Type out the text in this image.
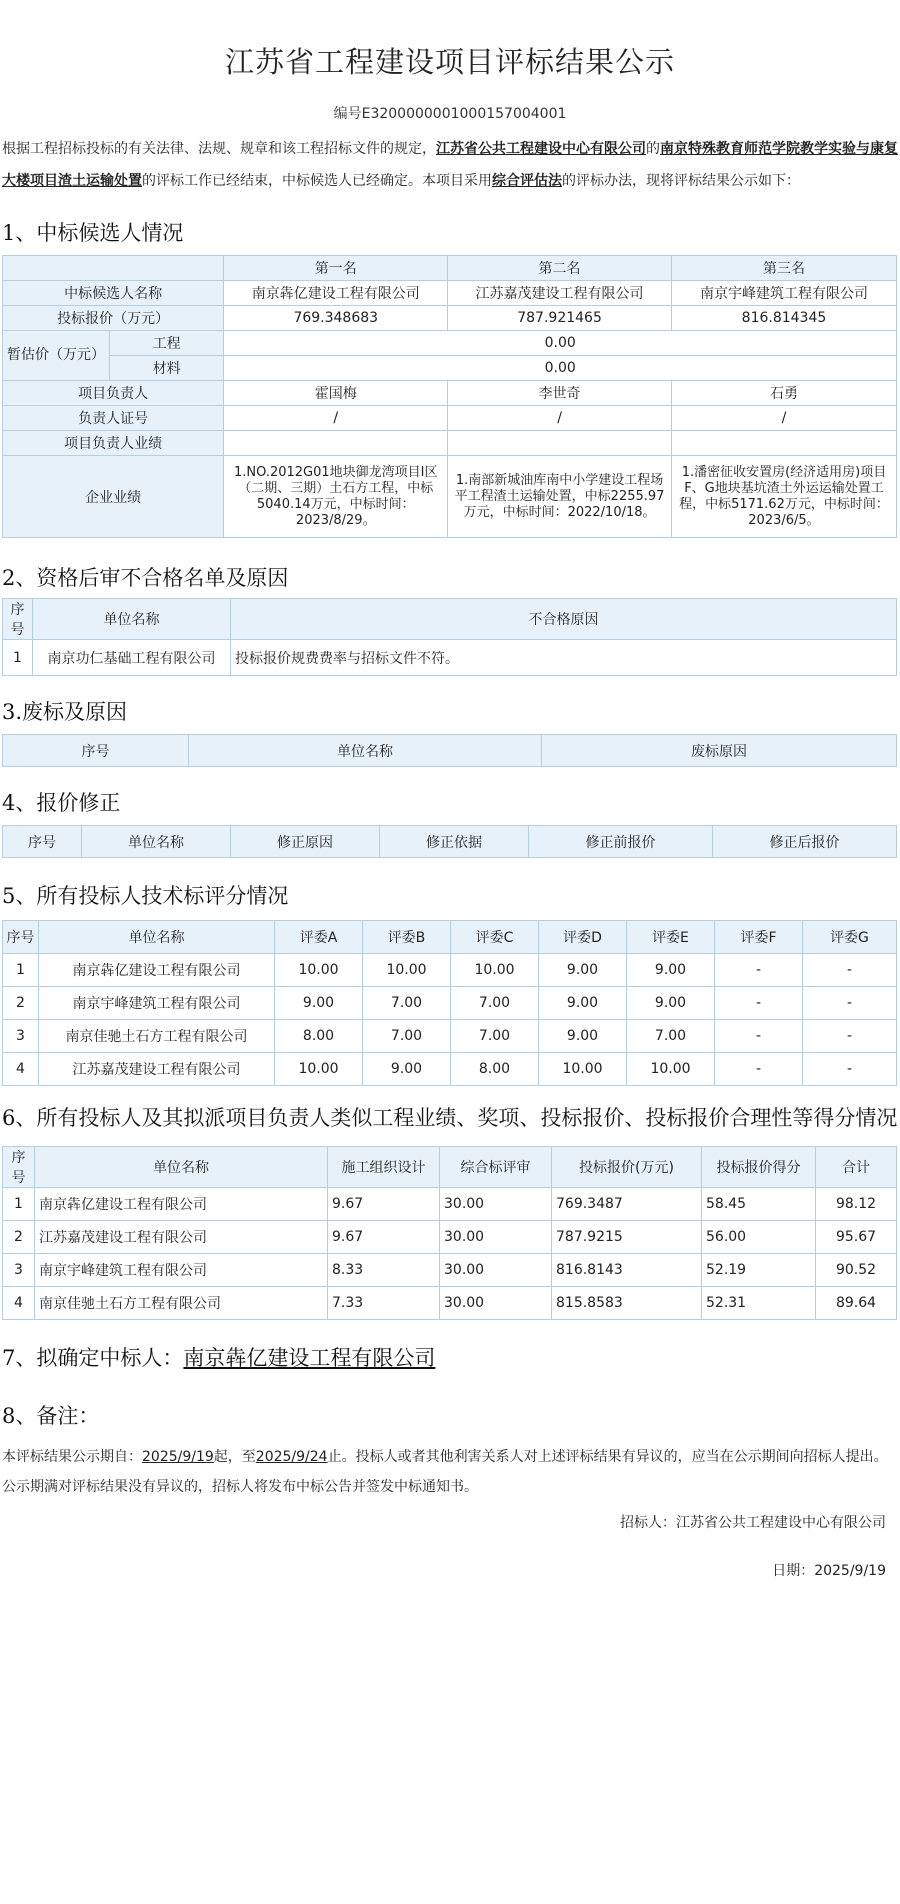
江苏省工程建设项目评标结果公示
编号E3200000001000157004001
根据工程招标投标的有关法律、法规、规章和该工程招标文件的规定，江苏省公共工程建设中心有限公司的南京特殊教育师范学院教学实验与康复大楼项目渣土运输处置的评标工作已经结束，中标候选人已经确定。本项目采用综合评估法的评标办法，现将评标结果公示如下：
1、中标候选人情况
		第一名	第二名	第三名
中标候选人名称		南京犇亿建设工程有限公司	江苏嘉茂建设工程有限公司	南京宇峰建筑工程有限公司
投标报价（万元）		769.348683	787.921465	816.814345
暂估价（万元）	工程	0.00		
	材料	0.00		
项目负责人		霍国梅	李世奇	石勇
负责人证号		/	/	/
项目负责人业绩				
企业业绩		1.NO.2012G01地块御龙湾项目I区（二期、三期）土石方工程，中标5040.14万元，中标时间：2023/8/29。	1.南部新城油库南中小学建设工程场平工程渣土运输处置，中标2255.97万元，中标时间：2022/10/18。	1.潘密征收安置房(经济适用房)项目F、G地块基坑渣土外运运输处置工程，中标5171.62万元，中标时间：2023/6/5。
2、资格后审不合格名单及原因
序号	单位名称	不合格原因
1	南京功仁基础工程有限公司	投标报价规费费率与招标文件不符。
3.废标及原因
序号	单位名称	废标原因
4、报价修正
序号	单位名称	修正原因	修正依据	修正前报价	修正后报价
5、所有投标人技术标评分情况
序号	单位名称	评委A	评委B	评委C	评委D	评委E	评委F	评委G
1	南京犇亿建设工程有限公司	10.00	10.00	10.00	9.00	9.00	-	-
2	南京宇峰建筑工程有限公司	9.00	7.00	7.00	9.00	9.00	-	-
3	南京佳驰土石方工程有限公司	8.00	7.00	7.00	9.00	7.00	-	-
4	江苏嘉茂建设工程有限公司	10.00	9.00	8.00	10.00	10.00	-	-
6、所有投标人及其拟派项目负责人类似工程业绩、奖项、投标报价、投标报价合理性等得分情况
序号	单位名称	施工组织设计	综合标评审	投标报价(万元)	投标报价得分	合计
1	南京犇亿建设工程有限公司	9.67	30.00	769.3487	58.45	98.12
2	江苏嘉茂建设工程有限公司	9.67	30.00	787.9215	56.00	95.67
3	南京宇峰建筑工程有限公司	8.33	30.00	816.8143	52.19	90.52
4	南京佳驰土石方工程有限公司	7.33	30.00	815.8583	52.31	89.64
7、拟确定中标人：南京犇亿建设工程有限公司
8、备注：
本评标结果公示期自：2025/9/19起，至2025/9/24止。投标人或者其他利害关系人对上述评标结果有异议的，应当在公示期间向招标人提出。公示期满对评标结果没有异议的，招标人将发布中标公告并签发中标通知书。
招标人：江苏省公共工程建设中心有限公司
日期：2025/9/19
